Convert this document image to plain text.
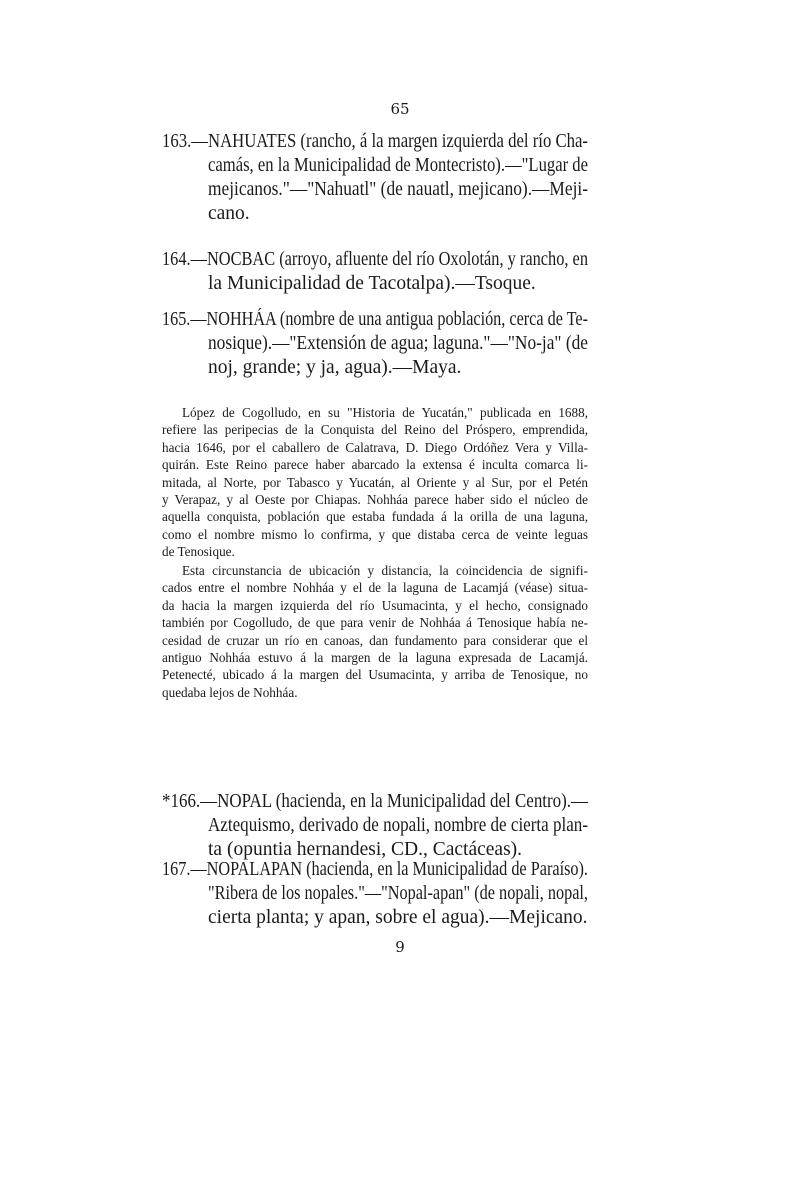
65
163.—NAHUATES (rancho, á la margen izquierda del río Cha-
camás, en la Municipalidad de Montecristo).—"Lugar de
mejicanos."—"Nahuatl" (de nauatl, mejicano).—Meji-
cano.
164.—NOCBAC (arroyo, afluente del río Oxolotán, y rancho, en
la Municipalidad de Tacotalpa).—Tsoque.
165.—NOHHÁA (nombre de una antigua población, cerca de Te-
nosique).—"Extensión de agua; laguna."—"No-ja" (de
noj, grande; y ja, agua).—Maya.
López de Cogolludo, en su "Historia de Yucatán," publicada en 1688,
refiere las peripecias de la Conquista del Reino del Próspero, emprendida,
hacia 1646, por el caballero de Calatrava, D. Diego Ordóñez Vera y Villa-
quirán. Este Reino parece haber abarcado la extensa é inculta comarca li-
mitada, al Norte, por Tabasco y Yucatán, al Oriente y al Sur, por el Petén
y Verapaz, y al Oeste por Chiapas. Nohháa parece haber sido el núcleo de
aquella conquista, población que estaba fundada á la orilla de una laguna,
como el nombre mismo lo confirma, y que distaba cerca de veinte leguas
de Tenosique.
Esta circunstancia de ubicación y distancia, la coincidencia de signifi-
cados entre el nombre Nohháa y el de la laguna de Lacamjá (véase) situa-
da hacia la margen izquierda del río Usumacinta, y el hecho, consignado
también por Cogolludo, de que para venir de Nohháa á Tenosique había ne-
cesidad de cruzar un río en canoas, dan fundamento para considerar que el
antiguo Nohháa estuvo á la margen de la laguna expresada de Lacamjá.
Petenecté, ubicado á la margen del Usumacinta, y arriba de Tenosique, no
quedaba lejos de Nohháa.
*166.—NOPAL (hacienda, en la Municipalidad del Centro).—
Aztequismo, derivado de nopali, nombre de cierta plan-
ta (opuntia hernandesi, CD., Cactáceas).
167.—NOPALAPAN (hacienda, en la Municipalidad de Paraíso).
"Ribera de los nopales."—"Nopal-apan" (de nopali, nopal,
cierta planta; y apan, sobre el agua).—Mejicano.
9
